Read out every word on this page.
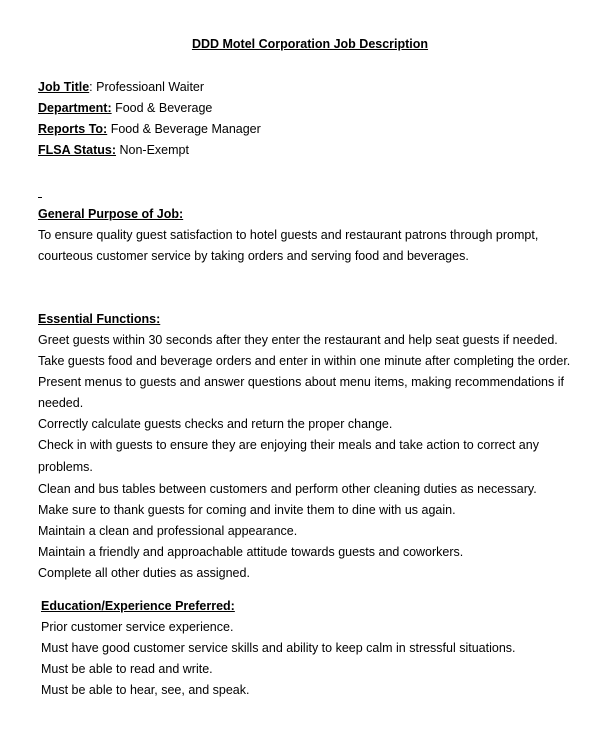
DDD Motel Corporation Job Description
Job Title: Professioanl Waiter
Department: Food & Beverage
Reports To: Food & Beverage Manager
FLSA Status: Non-Exempt
General Purpose of Job:
To ensure quality guest satisfaction to hotel guests and restaurant patrons through prompt,
courteous customer service by taking orders and serving food and beverages.
Essential Functions:
Greet guests within 30 seconds after they enter the restaurant and help seat guests if needed.
Take guests food and beverage orders and enter in within one minute after completing the order.
Present menus to guests and answer questions about menu items, making recommendations if
needed.
Correctly calculate guests checks and return the proper change.
Check in with guests to ensure they are enjoying their meals and take action to correct any
problems.
Clean and bus tables between customers and perform other cleaning duties as necessary.
Make sure to thank guests for coming and invite them to dine with us again.
Maintain a clean and professional appearance.
Maintain a friendly and approachable attitude towards guests and coworkers.
Complete all other duties as assigned.
Education/Experience Preferred:
Prior customer service experience.
Must have good customer service skills and ability to keep calm in stressful situations.
Must be able to read and write.
Must be able to hear, see, and speak.
